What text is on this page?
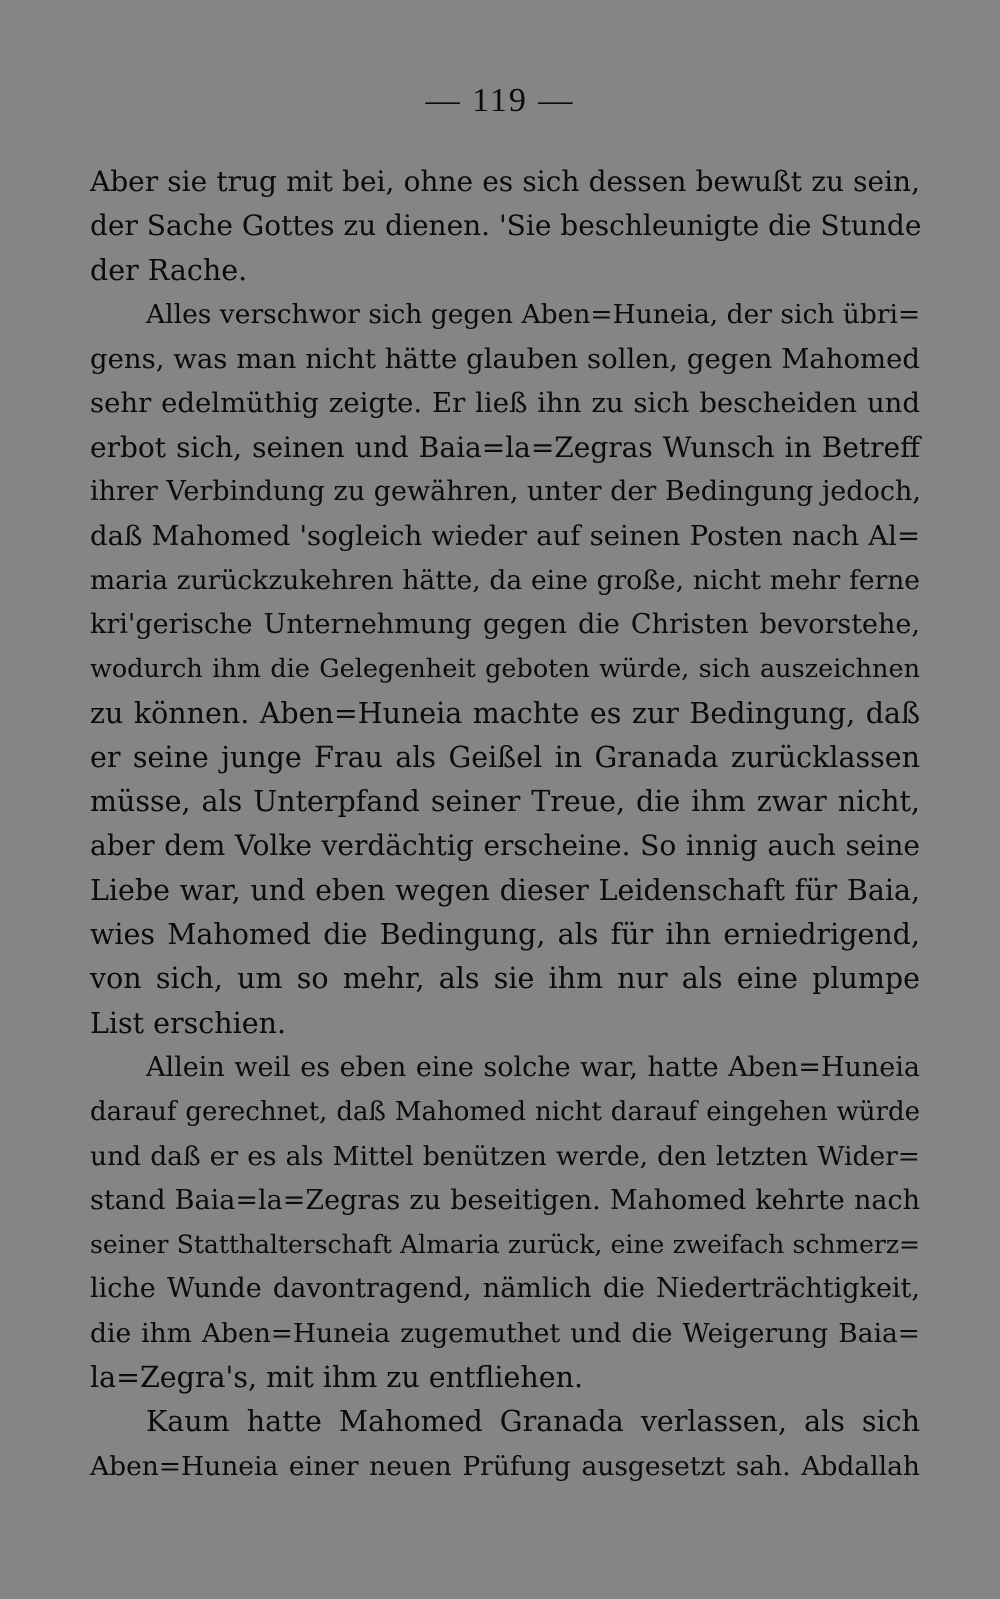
— 119 —
Aber sie trug mit bei, ohne es sich dessen bewußt zu sein,
der Sache Gottes zu dienen. 'Sie beschleunigte die Stunde
der Rache.
Alles verschwor sich gegen Aben=Huneia, der sich übri=
gens, was man nicht hätte glauben sollen, gegen Mahomed
sehr edelmüthig zeigte. Er ließ ihn zu sich bescheiden und
erbot sich, seinen und Baia=la=Zegras Wunsch in Betreff
ihrer Verbindung zu gewähren, unter der Bedingung jedoch,
daß Mahomed 'sogleich wieder auf seinen Posten nach Al=
maria zurückzukehren hätte, da eine große, nicht mehr ferne
kri'gerische Unternehmung gegen die Christen bevorstehe,
wodurch ihm die Gelegenheit geboten würde, sich auszeichnen
zu können. Aben=Huneia machte es zur Bedingung, daß
er seine junge Frau als Geißel in Granada zurücklassen
müsse, als Unterpfand seiner Treue, die ihm zwar nicht,
aber dem Volke verdächtig erscheine. So innig auch seine
Liebe war, und eben wegen dieser Leidenschaft für Baia,
wies Mahomed die Bedingung, als für ihn erniedrigend,
von sich, um so mehr, als sie ihm nur als eine plumpe
List erschien.
Allein weil es eben eine solche war, hatte Aben=Huneia
darauf gerechnet, daß Mahomed nicht darauf eingehen würde
und daß er es als Mittel benützen werde, den letzten Wider=
stand Baia=la=Zegras zu beseitigen. Mahomed kehrte nach
seiner Statthalterschaft Almaria zurück, eine zweifach schmerz=
liche Wunde davontragend, nämlich die Niederträchtigkeit,
die ihm Aben=Huneia zugemuthet und die Weigerung Baia=
la=Zegra's, mit ihm zu entfliehen.
Kaum hatte Mahomed Granada verlassen, als sich
Aben=Huneia einer neuen Prüfung ausgesetzt sah. Abdallah
